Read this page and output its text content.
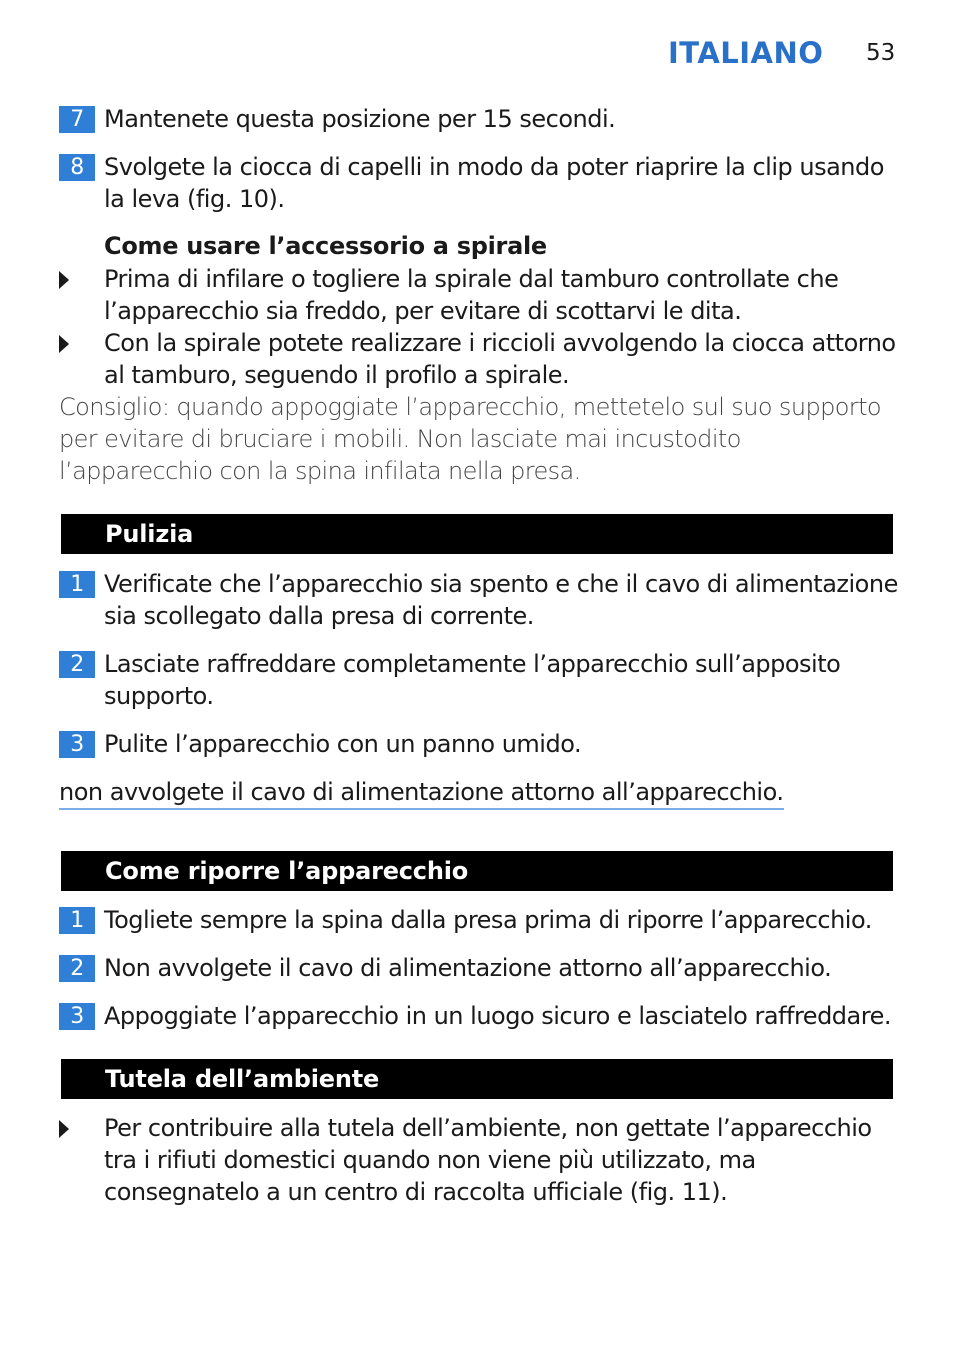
ITALIANO 53
7 Mantenete questa posizione per 15 secondi.
8 Svolgete la ciocca di capelli in modo da poter riaprire la clip usando la leva (fig. 10).
Come usare l’accessorio a spirale
Prima di infilare o togliere la spirale dal tamburo controllate che l’apparecchio sia freddo, per evitare di scottarvi le dita.
Con la spirale potete realizzare i riccioli avvolgendo la ciocca attorno al tamburo, seguendo il profilo a spirale.
Consiglio: quando appoggiate l’apparecchio, mettetelo sul suo supporto per evitare di bruciare i mobili. Non lasciate mai incustodito l’apparecchio con la spina infilata nella presa.
Pulizia
1 Verificate che l’apparecchio sia spento e che il cavo di alimentazione sia scollegato dalla presa di corrente.
2 Lasciate raffreddare completamente l’apparecchio sull’apposito supporto.
3 Pulite l’apparecchio con un panno umido.
non avvolgete il cavo di alimentazione attorno all’apparecchio.
Come riporre l’apparecchio
1 Togliete sempre la spina dalla presa prima di riporre l’apparecchio.
2 Non avvolgete il cavo di alimentazione attorno all’apparecchio.
3 Appoggiate l’apparecchio in un luogo sicuro e lasciatelo raffreddare.
Tutela dell’ambiente
Per contribuire alla tutela dell’ambiente, non gettate l’apparecchio tra i rifiuti domestici quando non viene più utilizzato, ma consegnatelo a un centro di raccolta ufficiale (fig. 11).
